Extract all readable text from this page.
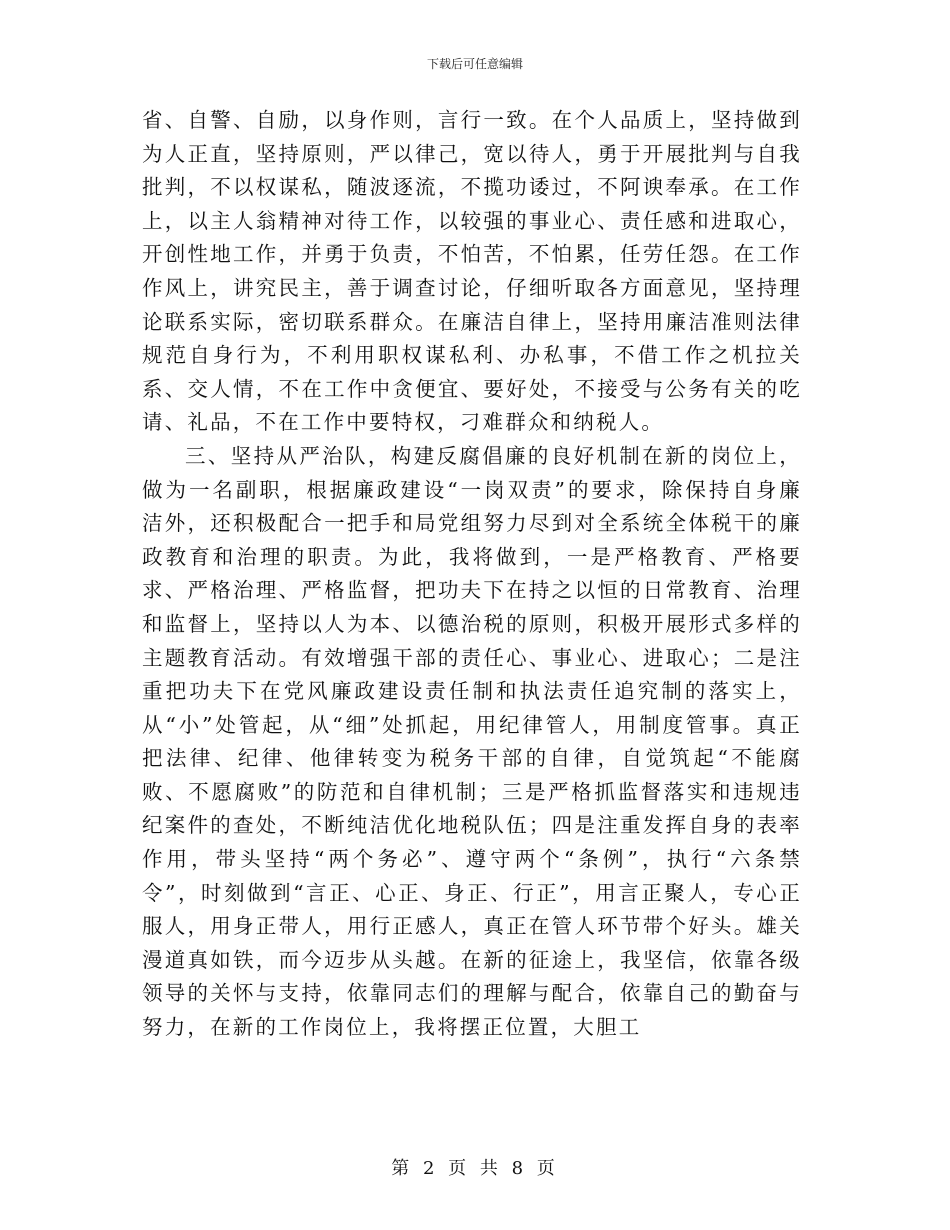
下载后可任意编辑

省、自警、自励，以身作则，言行一致。在个人品质上，坚持做到为人正直，坚持原则，严以律己，宽以待人，勇于开展批判与自我批判，不以权谋私，随波逐流，不揽功诿过，不阿谀奉承。在工作上，以主人翁精神对待工作，以较强的事业心、责任感和进取心，开创性地工作，并勇于负责，不怕苦，不怕累，任劳任怨。在工作作风上，讲究民主，善于调查讨论，仔细听取各方面意见，坚持理论联系实际，密切联系群众。在廉洁自律上，坚持用廉洁准则法律规范自身行为，不利用职权谋私利、办私事，不借工作之机拉关系、交人情，不在工作中贪便宜、要好处，不接受与公务有关的吃请、礼品，不在工作中要特权，刁难群众和纳税人。

三、坚持从严治队，构建反腐倡廉的良好机制在新的岗位上，做为一名副职，根据廉政建设“一岗双责”的要求，除保持自身廉洁外，还积极配合一把手和局党组努力尽到对全系统全体税干的廉政教育和治理的职责。为此，我将做到，一是严格教育、严格要求、严格治理、严格监督，把功夫下在持之以恒的日常教育、治理和监督上，坚持以人为本、以德治税的原则，积极开展形式多样的主题教育活动。有效增强干部的责任心、事业心、进取心；二是注重把功夫下在党风廉政建设责任制和执法责任追究制的落实上，从“小”处管起，从“细”处抓起，用纪律管人，用制度管事。真正把法律、纪律、他律转变为税务干部的自律，自觉筑起“不能腐败、不愿腐败”的防范和自律机制；三是严格抓监督落实和违规违纪案件的查处，不断纯洁优化地税队伍；四是注重发挥自身的表率作用，带头坚持“两个务必”、遵守两个“条例”，执行“六条禁令”，时刻做到“言正、心正、身正、行正”，用言正聚人，专心正服人，用身正带人，用行正感人，真正在管人环节带个好头。雄关漫道真如铁，而今迈步从头越。在新的征途上，我坚信，依靠各级领导的关怀与支持，依靠同志们的理解与配合，依靠自己的勤奋与努力，在新的工作岗位上，我将摆正位置，大胆工

第 2 页 共 8 页
